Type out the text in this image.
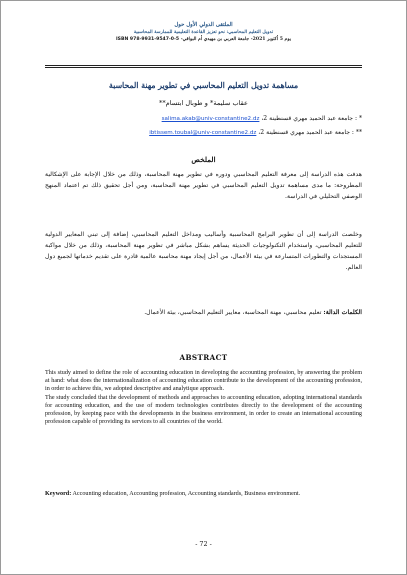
الملتقى الدولي الأول حول
تدويل التعليم المحاسبي: نحو تعزيز القاعدة التعليمية للممارسة المحاسبية
يوم 5 أكتوبر 2021- جامعة العربي بن مهيدي أم البواقي- ISBN 978-9931-9547-0-5
مساهمة تدويل التعليم المحاسبي في تطوير مهنة المحاسبة
عقاب سليمة* و طوبال ابتسام**
* : جامعة عبد الحميد مهري قسنطينة 2، salima.akab@univ-constantine2.dz
** : جامعة عبد الحميد مهري قسنطينة 2، ibtissem.toubal@univ-constantine2.dz
الملخص
هدفت هذه الدراسة إلى معرفة التعليم المحاسبي ودوره في تطوير مهنة المحاسبة، وذلك من خلال الإجابة على الإشكالية المطروحة: ما مدى مساهمة تدويل التعليم المحاسبي في تطوير مهنة المحاسبة، ومن أجل تحقيق ذلك تم اعتماد المنهج الوصفي التحليلي في الدراسة.
وخلصت الدراسة إلى أن تطوير البرامج المحاسبية وأساليب ومداخل التعليم المحاسبي، إضافة إلى تبني المعايير الدولية للتعليم المحاسبي، واستخدام التكنولوجيات الحديثة يساهم بشكل مباشر في تطوير مهنة المحاسبة، وذلك من خلال مواكبة المستجدات والتطورات المتسارعة في بيئة الأعمال، من أجل إيجاد مهنة محاسبة عالمية قادرة على تقديم خدماتها لجميع دول العالم.
الكلمات الدالة: تعليم محاسبي، مهنة المحاسبة، معايير التعليم المحاسبي، بيئة الأعمال.
ABSTRACT

This study aimed to define the role of accounting education in developing the accounting profession, by answering the problem at hand: what does the internationalization of accounting education contribute to the development of the accounting profession, in order to achieve this, we adopted descriptive and analytique approach.

The study concluded that the development of methods and approaches to accounting education, adopting international standards for accounting education, and the use of modern technologies contributes directly to the development of the accounting profession, by keeping pace with the developments in the business environment, in order to create an international accounting profession capable of providing its services to all countries of the world.

Keyword: Accounting education, Accounting profession, Accounting standards, Business environment.
- 72 -
